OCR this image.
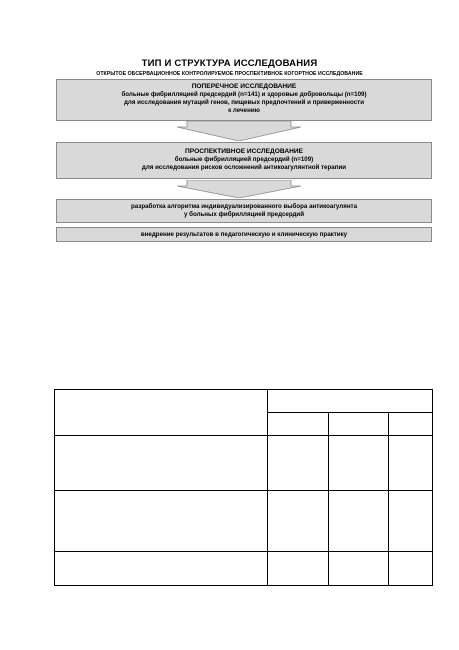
ТИП И СТРУКТУРА ИССЛЕДОВАНИЯ
ОТКРЫТОЕ ОБСЕРВАЦИОННОЕ КОНТРОЛИРУЕМОЕ ПРОСПЕКТИВНОЕ КОГОРТНОЕ ИССЛЕДОВАНИЕ
ПОПЕРЕЧНОЕ ИССЛЕДОВАНИЕ
больные фибрилляцией предсердий (n=141) и здоровые добровольцы (n=109)
для исследования мутаций генов, пищевых предпочтений и приверженности
к лечению
ПРОСПЕКТИВНОЕ ИССЛЕДОВАНИЕ
больные фибрилляцией предсердий (n=109)
для исследования рисков осложнений антикоагулянтной терапии
разработка алгоритма индивидуализированного выбора антикоагулянта
у больных фибрилляцией предсердий
внедрение результатов в педагогическую и клиническую практику
